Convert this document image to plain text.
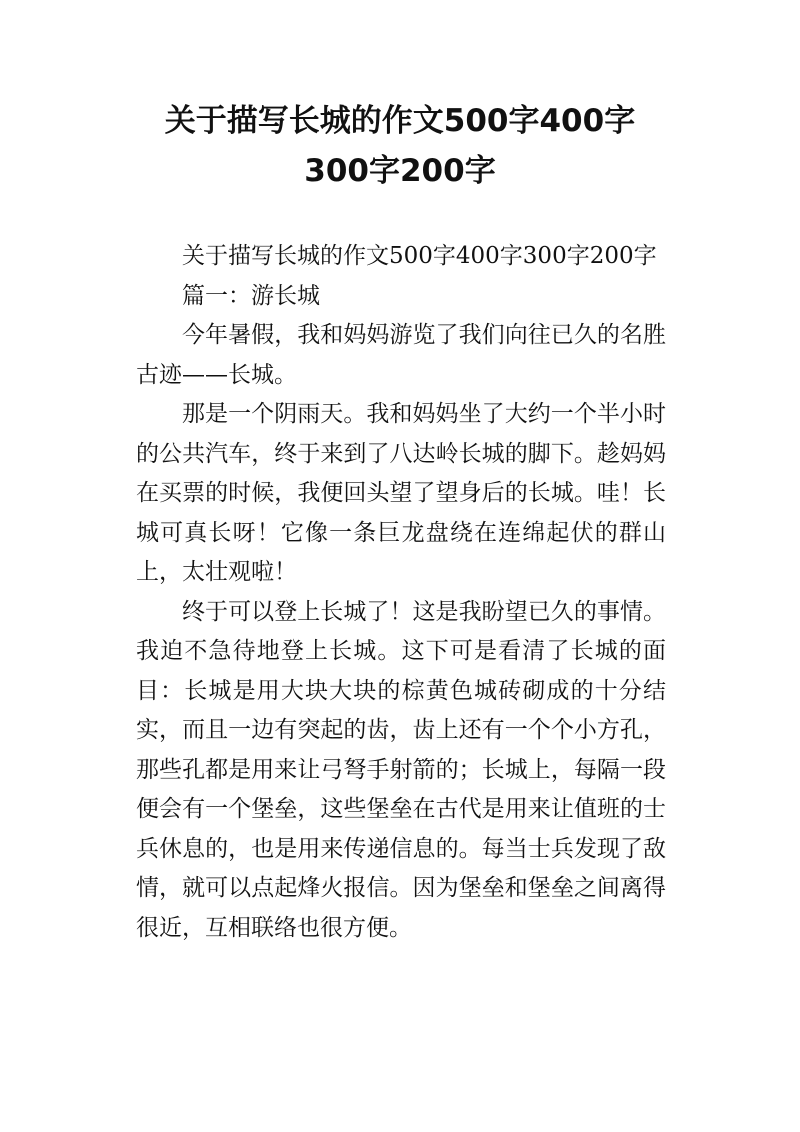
关于描写长城的作文500字400字
300字200字

关于描写长城的作文500字400字300字200字

篇一：游长城

今年暑假，我和妈妈游览了我们向往已久的名胜古迹——长城。

那是一个阴雨天。我和妈妈坐了大约一个半小时的公共汽车，终于来到了八达岭长城的脚下。趁妈妈在买票的时候，我便回头望了望身后的长城。哇！长城可真长呀！它像一条巨龙盘绕在连绵起伏的群山上，太壮观啦！

终于可以登上长城了！这是我盼望已久的事情。我迫不急待地登上长城。这下可是看清了长城的面目：长城是用大块大块的棕黄色城砖砌成的十分结实，而且一边有突起的齿，齿上还有一个个小方孔，那些孔都是用来让弓弩手射箭的；长城上，每隔一段便会有一个堡垒，这些堡垒在古代是用来让值班的士兵休息的，也是用来传递信息的。每当士兵发现了敌情，就可以点起烽火报信。因为堡垒和堡垒之间离得很近，互相联络也很方便。
